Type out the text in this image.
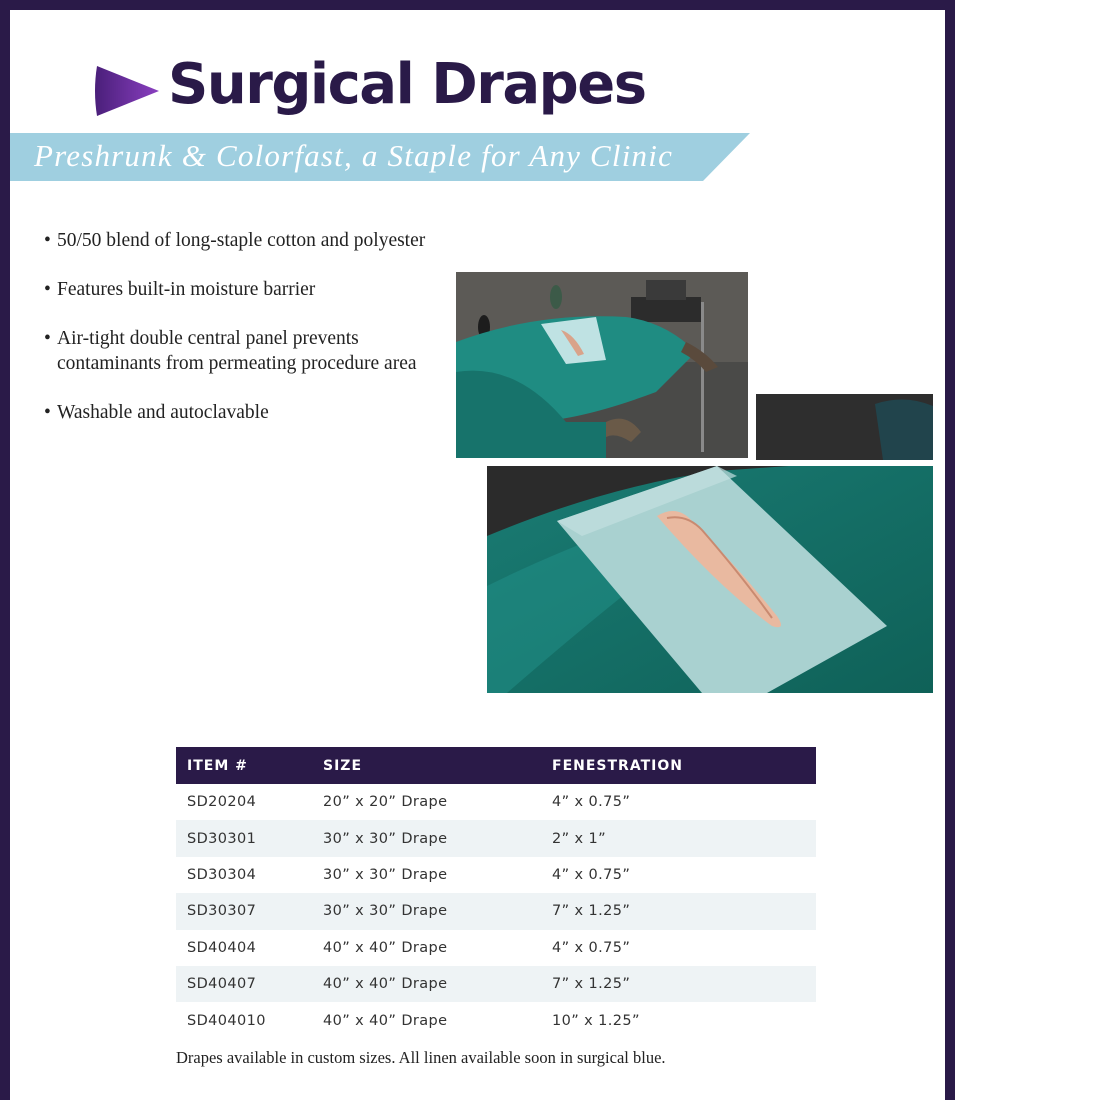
Surgical Drapes
Preshrunk & Colorfast, a Staple for Any Clinic
• 50/50 blend of long-staple cotton and polyester
• Features built-in moisture barrier
• Air-tight double central panel prevents contaminants from permeating procedure area
• Washable and autoclavable
ITEM #	SIZE	FENESTRATION
SD20204	20” x 20” Drape	4” x 0.75”
SD30301	30” x 30” Drape	2” x 1”
SD30304	30” x 30” Drape	4” x 0.75”
SD30307	30” x 30” Drape	7” x 1.25”
SD40404	40” x 40” Drape	4” x 0.75”
SD40407	40” x 40” Drape	7” x 1.25”
SD404010	40” x 40” Drape	10” x 1.25”

Drapes available in custom sizes. All linen available soon in surgical blue.
